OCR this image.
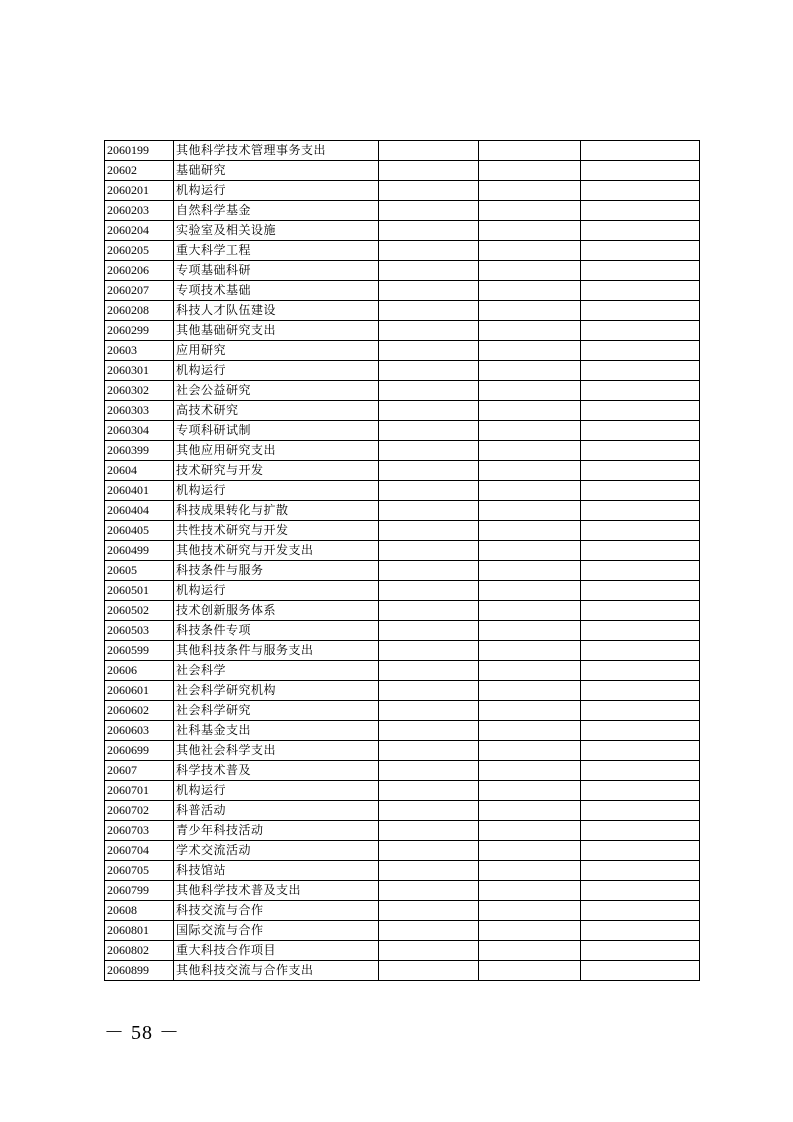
2060199	其他科学技术管理事务支出			
20602	基础研究			
2060201	机构运行			
2060203	自然科学基金			
2060204	实验室及相关设施			
2060205	重大科学工程			
2060206	专项基础科研			
2060207	专项技术基础			
2060208	科技人才队伍建设			
2060299	其他基础研究支出			
20603	应用研究			
2060301	机构运行			
2060302	社会公益研究			
2060303	高技术研究			
2060304	专项科研试制			
2060399	其他应用研究支出			
20604	技术研究与开发			
2060401	机构运行			
2060404	科技成果转化与扩散			
2060405	共性技术研究与开发			
2060499	其他技术研究与开发支出			
20605	科技条件与服务			
2060501	机构运行			
2060502	技术创新服务体系			
2060503	科技条件专项			
2060599	其他科技条件与服务支出			
20606	社会科学			
2060601	社会科学研究机构			
2060602	社会科学研究			
2060603	社科基金支出			
2060699	其他社会科学支出			
20607	科学技术普及			
2060701	机构运行			
2060702	科普活动			
2060703	青少年科技活动			
2060704	学术交流活动			
2060705	科技馆站			
2060799	其他科学技术普及支出			
20608	科技交流与合作			
2060801	国际交流与合作			
2060802	重大科技合作项目			
2060899	其他科技交流与合作支出			
－ 58 －
